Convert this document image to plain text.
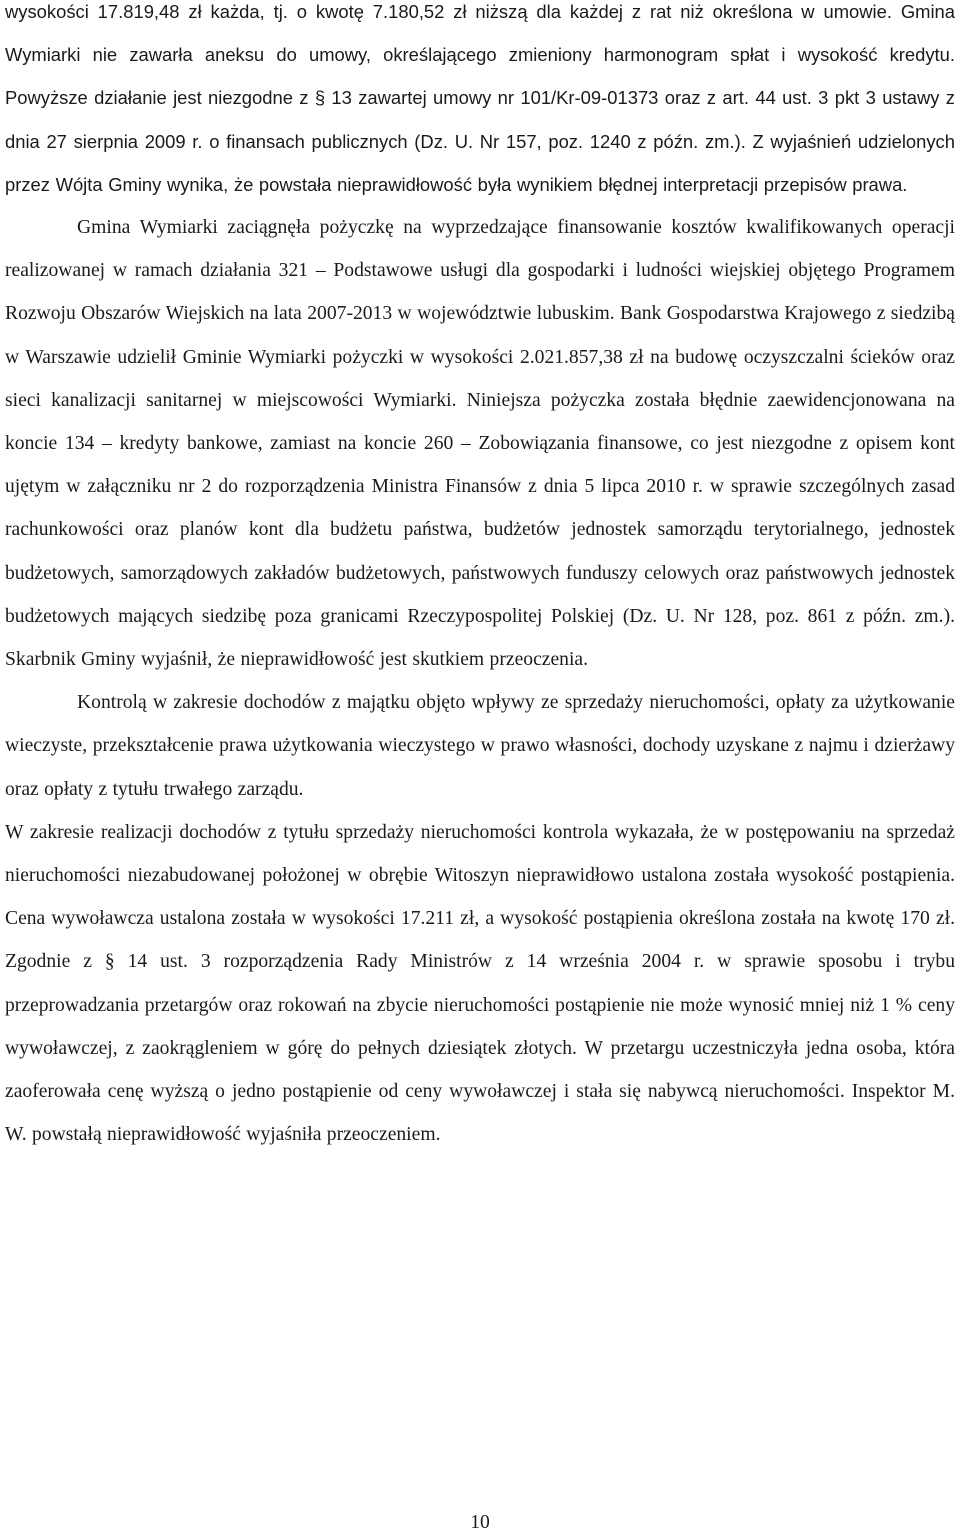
wysokości 17.819,48 zł każda, tj. o kwotę 7.180,52 zł niższą dla każdej z rat niż określona w umowie. Gmina Wymiarki nie zawarła aneksu do umowy, określającego zmieniony harmonogram spłat i wysokość kredytu. Powyższe działanie jest niezgodne z § 13 zawartej umowy nr 101/Kr-09-01373 oraz z art. 44 ust. 3 pkt 3 ustawy z dnia 27 sierpnia 2009 r. o finansach publicznych (Dz. U. Nr 157, poz. 1240 z późn. zm.). Z wyjaśnień udzielonych przez Wójta Gminy wynika, że powstała nieprawidłowość była wynikiem błędnej interpretacji przepisów prawa.

Gmina Wymiarki zaciągnęła pożyczkę na wyprzedzające finansowanie kosztów kwalifikowanych operacji realizowanej w ramach działania 321 – Podstawowe usługi dla gospodarki i ludności wiejskiej objętego Programem Rozwoju Obszarów Wiejskich na lata 2007-2013 w województwie lubuskim. Bank Gospodarstwa Krajowego z siedzibą w Warszawie udzielił Gminie Wymiarki pożyczki w wysokości 2.021.857,38 zł na budowę oczyszczalni ścieków oraz sieci kanalizacji sanitarnej w miejscowości Wymiarki. Niniejsza pożyczka została błędnie zaewidencjonowana na koncie 134 – kredyty bankowe, zamiast na koncie 260 – Zobowiązania finansowe, co jest niezgodne z opisem kont ujętym w załączniku nr 2 do rozporządzenia Ministra Finansów z dnia 5 lipca 2010 r. w sprawie szczególnych zasad rachunkowości oraz planów kont dla budżetu państwa, budżetów jednostek samorządu terytorialnego, jednostek budżetowych, samorządowych zakładów budżetowych, państwowych funduszy celowych oraz państwowych jednostek budżetowych mających siedzibę poza granicami Rzeczypospolitej Polskiej (Dz. U. Nr 128, poz. 861 z późn. zm.). Skarbnik Gminy wyjaśnił, że nieprawidłowość jest skutkiem przeoczenia.

Kontrolą w zakresie dochodów z majątku objęto wpływy ze sprzedaży nieruchomości, opłaty za użytkowanie wieczyste, przekształcenie prawa użytkowania wieczystego w prawo własności, dochody uzyskane z najmu i dzierżawy oraz opłaty z tytułu trwałego zarządu.

W zakresie realizacji dochodów z tytułu sprzedaży nieruchomości kontrola wykazała, że w postępowaniu na sprzedaż nieruchomości niezabudowanej położonej w obrębie Witoszyn nieprawidłowo ustalona została wysokość postąpienia. Cena wywoławcza ustalona została w wysokości 17.211 zł, a wysokość postąpienia określona została na kwotę 170 zł. Zgodnie z § 14 ust. 3 rozporządzenia Rady Ministrów z 14 września 2004 r. w sprawie sposobu i trybu przeprowadzania przetargów oraz rokowań na zbycie nieruchomości postąpienie nie może wynosić mniej niż 1 % ceny wywoławczej, z zaokrągleniem w górę do pełnych dziesiątek złotych. W przetargu uczestniczyła jedna osoba, która zaoferowała cenę wyższą o jedno postąpienie od ceny wywoławczej i stała się nabywcą nieruchomości. Inspektor M. W. powstałą nieprawidłowość wyjaśniła przeoczeniem.

10
